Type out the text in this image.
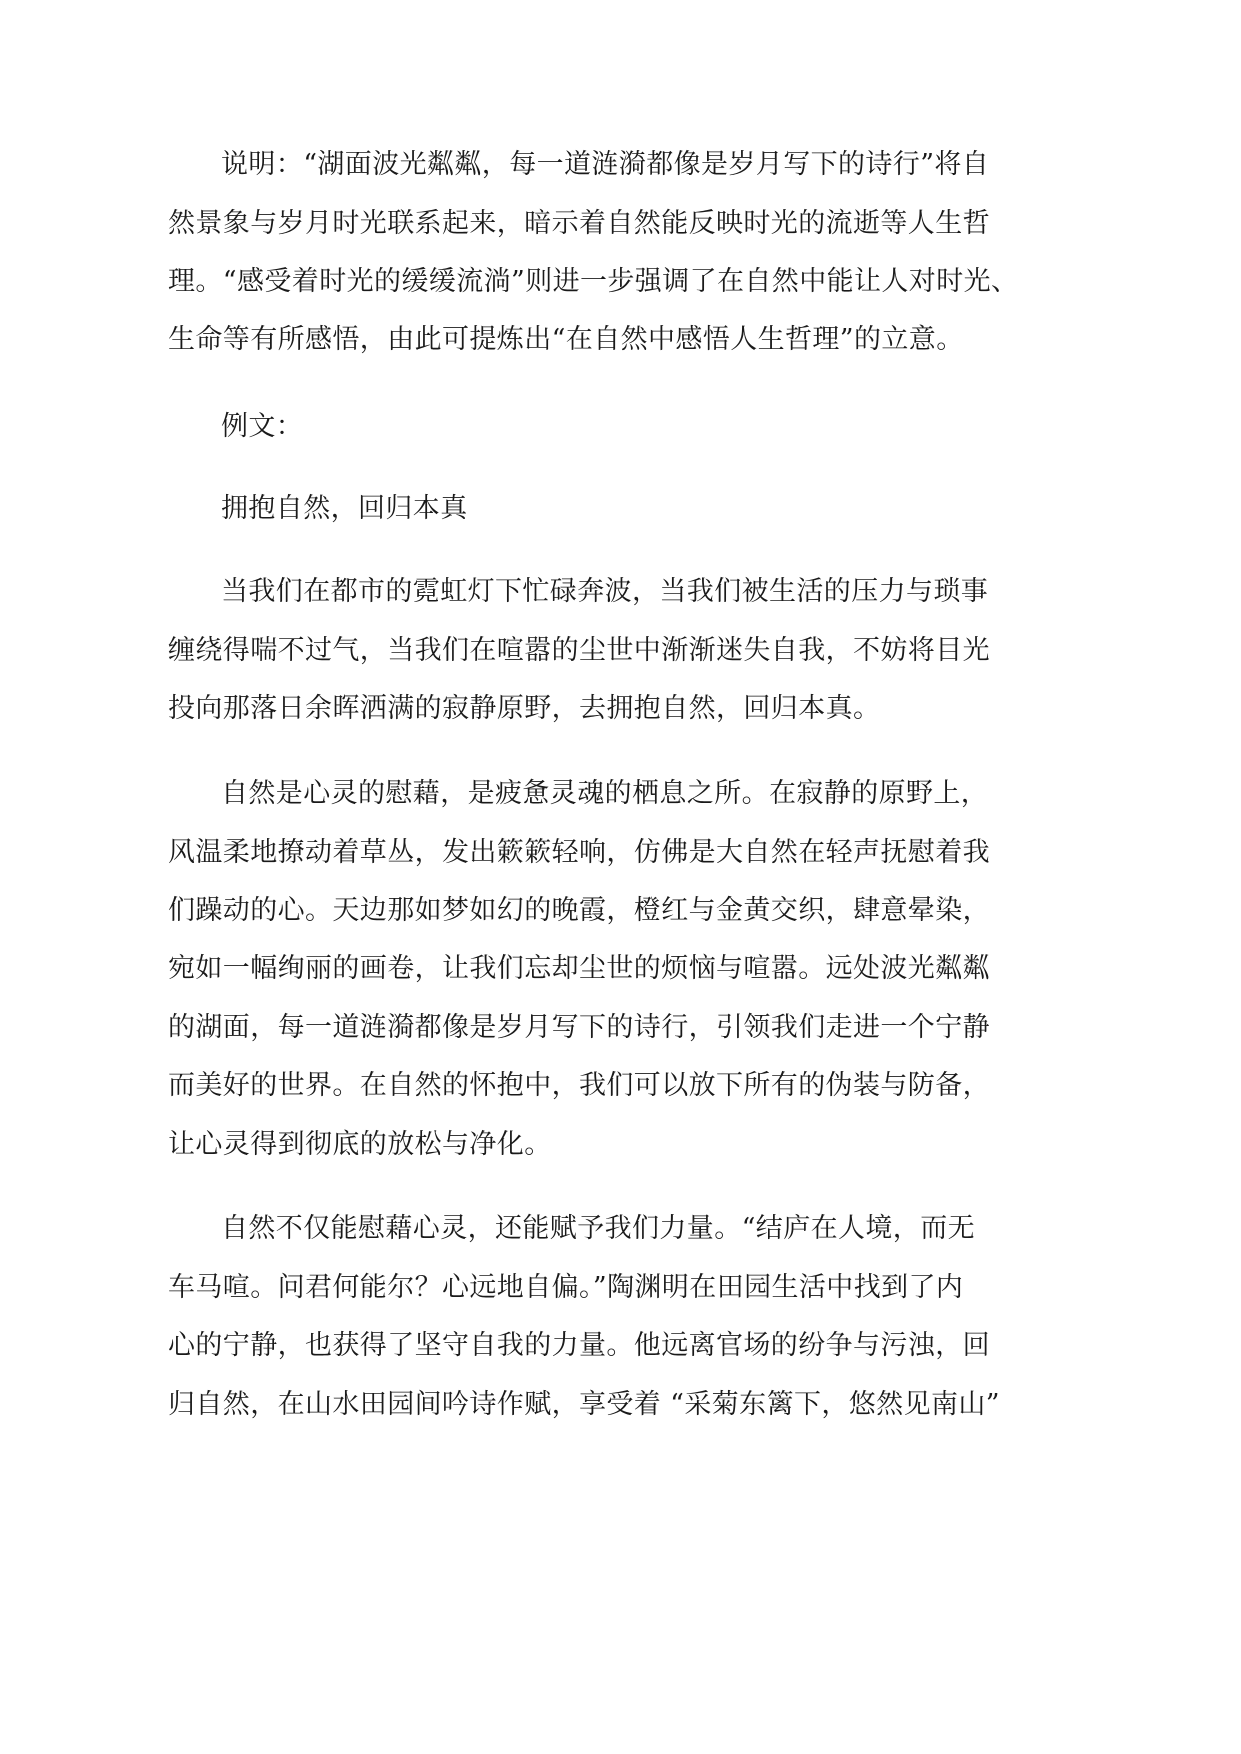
说明：“湖面波光粼粼，每一道涟漪都像是岁月写下的诗行”将自
然景象与岁月时光联系起来，暗示着自然能反映时光的流逝等人生哲
理。“感受着时光的缓缓流淌”则进一步强调了在自然中能让人对时光、
生命等有所感悟，由此可提炼出“在自然中感悟人生哲理”的立意。
例文：
拥抱自然，回归本真
当我们在都市的霓虹灯下忙碌奔波，当我们被生活的压力与琐事
缠绕得喘不过气，当我们在喧嚣的尘世中渐渐迷失自我，不妨将目光
投向那落日余晖洒满的寂静原野，去拥抱自然，回归本真。
自然是心灵的慰藉，是疲惫灵魂的栖息之所。在寂静的原野上，
风温柔地撩动着草丛，发出簌簌轻响，仿佛是大自然在轻声抚慰着我
们躁动的心。天边那如梦如幻的晚霞，橙红与金黄交织，肆意晕染，
宛如一幅绚丽的画卷，让我们忘却尘世的烦恼与喧嚣。远处波光粼粼
的湖面，每一道涟漪都像是岁月写下的诗行，引领我们走进一个宁静
而美好的世界。在自然的怀抱中，我们可以放下所有的伪装与防备，
让心灵得到彻底的放松与净化。
自然不仅能慰藉心灵，还能赋予我们力量。“结庐在人境，而无
车马喧。问君何能尔？心远地自偏。”陶渊明在田园生活中找到了内
心的宁静，也获得了坚守自我的力量。他远离官场的纷争与污浊，回
归自然，在山水田园间吟诗作赋，享受着 “采菊东篱下，悠然见南山”
